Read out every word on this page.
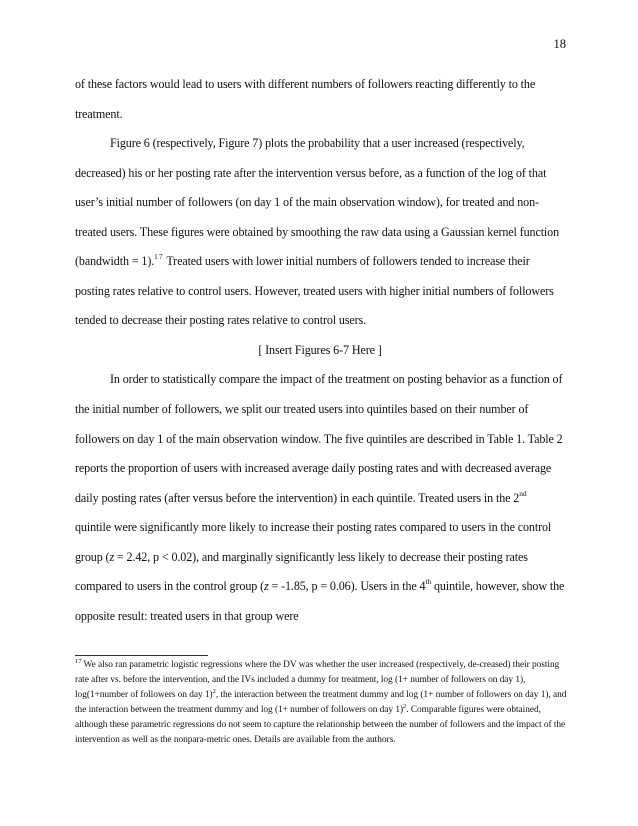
18

of these factors would lead to users with different numbers of followers reacting differently to the treatment.

Figure 6 (respectively, Figure 7) plots the probability that a user increased (respectively, decreased) his or her posting rate after the intervention versus before, as a function of the log of that user’s initial number of followers (on day 1 of the main observation window), for treated and non-treated users. These figures were obtained by smoothing the raw data using a Gaussian kernel function (bandwidth = 1).$^{17}$ Treated users with lower initial numbers of followers tended to increase their posting rates relative to control users. However, treated users with higher initial numbers of followers tended to decrease their posting rates relative to control users.

[ Insert Figures 6-7 Here ]

In order to statistically compare the impact of the treatment on posting behavior as a function of the initial number of followers, we split our treated users into quintiles based on their number of followers on day 1 of the main observation window. The five quintiles are described in Table 1. Table 2 reports the proportion of users with increased average daily posting rates and with decreased average daily posting rates (after versus before the intervention) in each quintile. Treated users in the 2nd quintile were significantly more likely to increase their posting rates compared to users in the control group (z = 2.42, p < 0.02), and marginally significantly less likely to decrease their posting rates compared to users in the control group (z = -1.85, p = 0.06). Users in the 4th quintile, however, show the opposite result: treated users in that group were

$^{17}$ We also ran parametric logistic regressions where the DV was whether the user increased (respectively, de-creased) their posting rate after vs. before the intervention, and the IVs included a dummy for treatment, log (1+ number of followers on day 1), log(1+number of followers on day 1)$^2$, the interaction between the treatment dummy and log (1+ number of followers on day 1), and the interaction between the treatment dummy and log (1+ number of followers on day 1)$^2$. Comparable figures were obtained, although these parametric regressions do not seem to capture the relationship between the number of followers and the impact of the intervention as well as the nonpara-metric ones. Details are available from the authors.
